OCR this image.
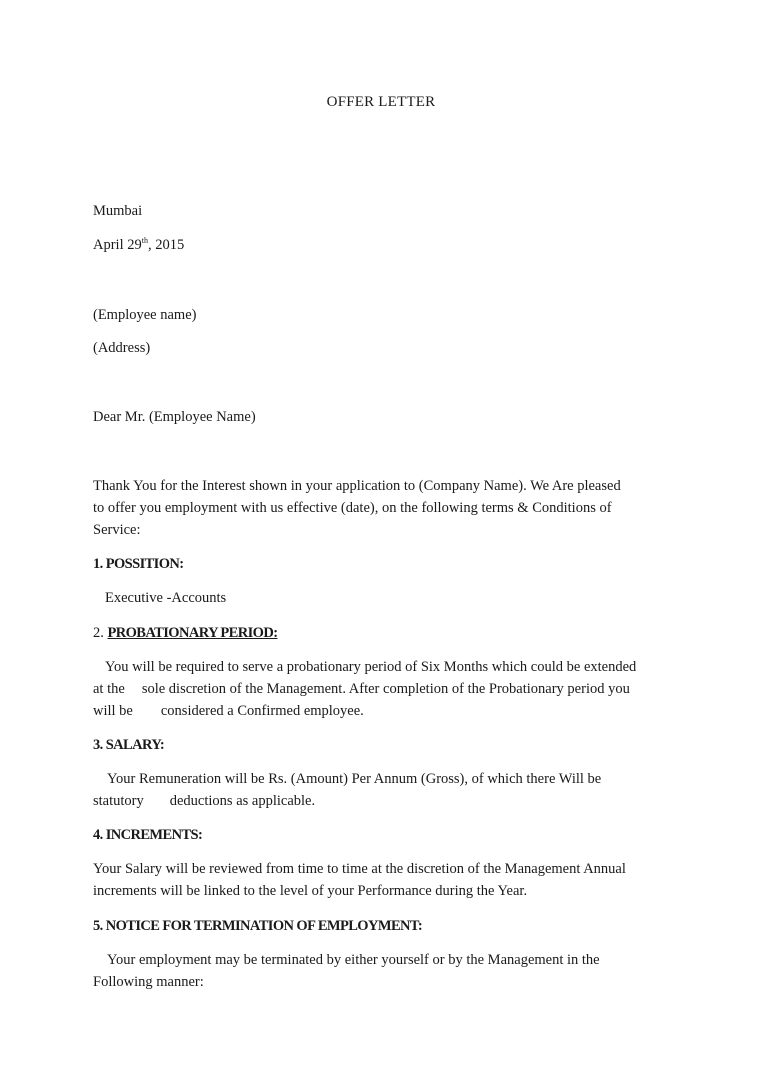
OFFER LETTER
Mumbai
April 29th, 2015
(Employee name)
(Address)
Dear Mr. (Employee Name)
Thank You for the Interest shown in your application to (Company Name). We Are pleased
to offer you employment with us effective (date), on the following terms & Conditions of
Service:
1. POSSITION:
Executive -Accounts
2. PROBATIONARY PERIOD:
You will be required to serve a probationary period of Six Months which could be extended
at the sole discretion of the Management. After completion of the Probationary period you
will be considered a Confirmed employee.
3. SALARY:
Your Remuneration will be Rs. (Amount) Per Annum (Gross), of which there Will be
statutory deductions as applicable.
4. INCREMENTS:
Your Salary will be reviewed from time to time at the discretion of the Management Annual
increments will be linked to the level of your Performance during the Year.
5. NOTICE FOR TERMINATION OF EMPLOYMENT:
Your employment may be terminated by either yourself or by the Management in the
Following manner:
